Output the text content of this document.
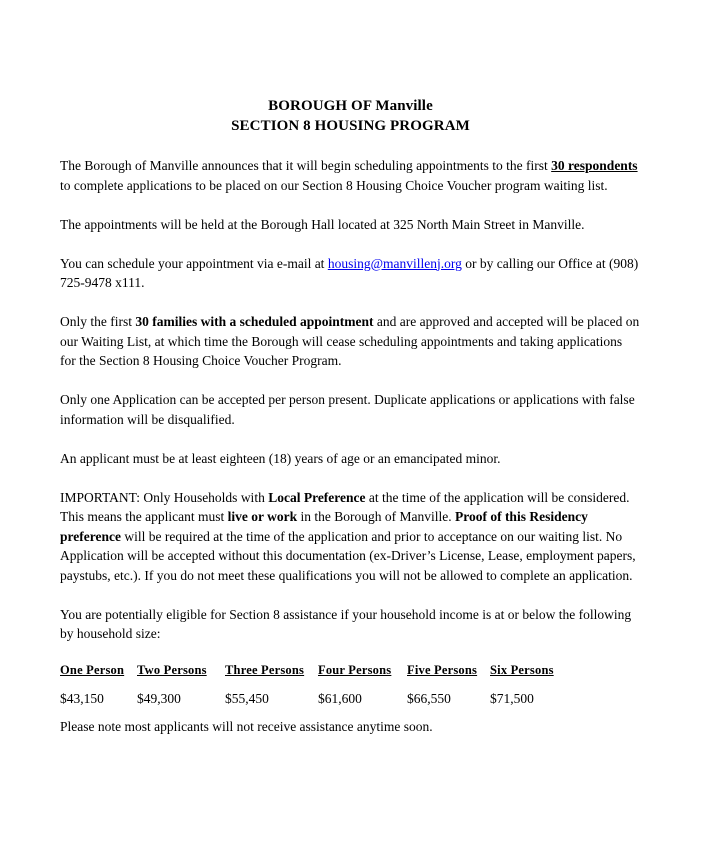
BOROUGH OF Manville
SECTION 8 HOUSING PROGRAM

The Borough of Manville announces that it will begin scheduling appointments to the first 30 respondents to complete applications to be placed on our Section 8 Housing Choice Voucher program waiting list.

The appointments will be held at the Borough Hall located at 325 North Main Street in Manville.

You can schedule your appointment via e-mail at housing@manvillenj.org or by calling our Office at (908) 725-9478 x111.

Only the first 30 families with a scheduled appointment and are approved and accepted will be placed on our Waiting List, at which time the Borough will cease scheduling appointments and taking applications for the Section 8 Housing Choice Voucher Program.

Only one Application can be accepted per person present. Duplicate applications or applications with false information will be disqualified.

An applicant must be at least eighteen (18) years of age or an emancipated minor.

IMPORTANT: Only Households with Local Preference at the time of the application will be considered. This means the applicant must live or work in the Borough of Manville. Proof of this Residency preference will be required at the time of the application and prior to acceptance on our waiting list. No Application will be accepted without this documentation (ex-Driver’s License, Lease, employment papers, paystubs, etc.). If you do not meet these qualifications you will not be allowed to complete an application.

You are potentially eligible for Section 8 assistance if your household income is at or below the following by household size:

One Person	Two Persons	Three Persons	Four Persons	Five Persons	Six Persons
$43,150	$49,300	$55,450	$61,600	$66,550	$71,500

Please note most applicants will not receive assistance anytime soon.
